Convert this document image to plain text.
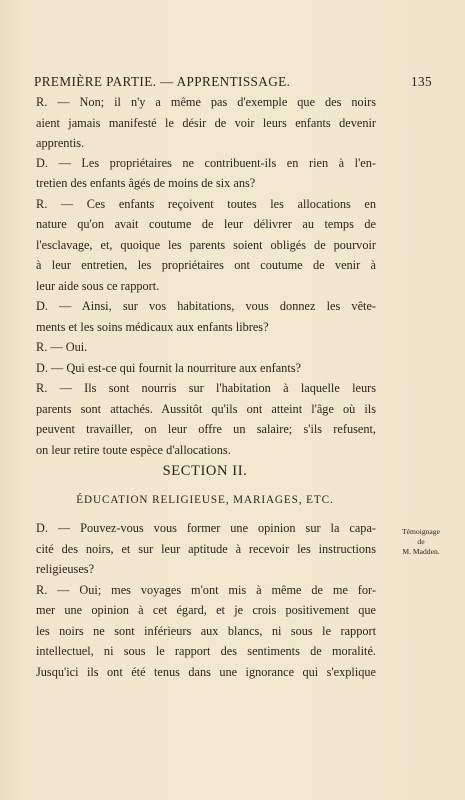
PREMIÈRE PARTIE. — APPRENTISSAGE.	135
R. — Non; il n'y a même pas d'exemple que des noirs
aient jamais manifesté le désir de voir leurs enfants devenir
apprentis.
D. — Les propriétaires ne contribuent-ils en rien à l'en-
tretien des enfants âgés de moins de six ans?
R. — Ces enfants reçoivent toutes les allocations en
nature qu'on avait coutume de leur délivrer au temps de
l'esclavage, et, quoique les parents soient obligés de pourvoir
à leur entretien, les propriétaires ont coutume de venir à
leur aide sous ce rapport.
D. — Ainsi, sur vos habitations, vous donnez les vête-
ments et les soins médicaux aux enfants libres?
R. — Oui.
D. — Qui est-ce qui fournit la nourriture aux enfants?
R. — Ils sont nourris sur l'habitation à laquelle leurs
parents sont attachés. Aussitôt qu'ils ont atteint l'âge où ils
peuvent travailler, on leur offre un salaire; s'ils refusent,
on leur retire toute espèce d'allocations.
SECTION II.
ÉDUCATION RELIGIEUSE, MARIAGES, ETC.
D. — Pouvez-vous vous former une opinion sur la capa-
cité des noirs, et sur leur aptitude à recevoir les instructions
religieuses?
R. — Oui; mes voyages m'ont mis à même de me for-
mer une opinion à cet égard, et je crois positivement que
les noirs ne sont inférieurs aux blancs, ni sous le rapport
intellectuel, ni sous le rapport des sentiments de moralité.
Jusqu'ici ils ont été tenus dans une ignorance qui s'explique
Témoignage
de
M. Madden.
